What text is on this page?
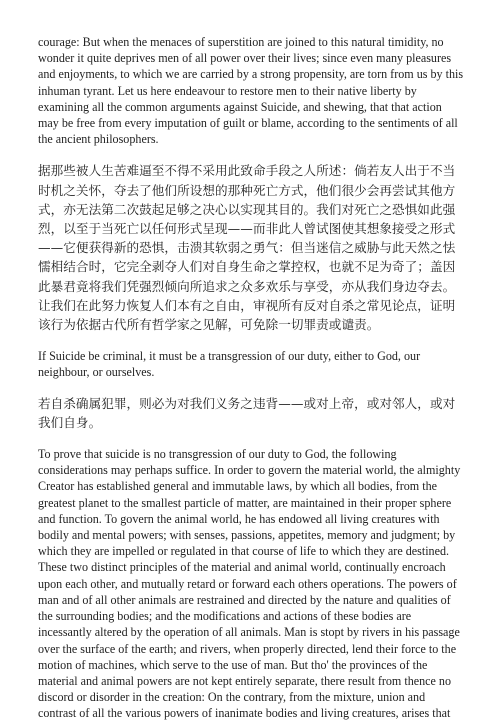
courage: But when the menaces of superstition are joined to this natural timidity, no wonder it quite deprives men of all power over their lives; since even many pleasures and enjoyments, to which we are carried by a strong propensity, are torn from us by this inhuman tyrant. Let us here endeavour to restore men to their native liberty by examining all the common arguments against Suicide, and shewing, that that action may be free from every imputation of guilt or blame, according to the sentiments of all the ancient philosophers.

据那些被人生苦难逼至不得不采用此致命手段之人所述：倘若友人出于不当时机之关怀，夺去了他们所设想的那种死亡方式，他们很少会再尝试其他方式，亦无法第二次鼓起足够之决心以实现其目的。我们对死亡之恐惧如此强烈，以至于当死亡以任何形式呈现——而非此人曾试图使其想象接受之形式——它便获得新的恐惧，击溃其软弱之勇气：但当迷信之威胁与此天然之怯懦相结合时，它完全剥夺人们对自身生命之掌控权，也就不足为奇了；盖因此暴君竟将我们凭强烈倾向所追求之众多欢乐与享受，亦从我们身边夺去。让我们在此努力恢复人们本有之自由，审视所有反对自杀之常见论点，证明该行为依据古代所有哲学家之见解，可免除一切罪责或谴责。

If Suicide be criminal, it must be a transgression of our duty, either to God, our neighbour, or ourselves.

若自杀确属犯罪，则必为对我们义务之违背——或对上帝，或对邻人，或对我们自身。

To prove that suicide is no transgression of our duty to God, the following considerations may perhaps suffice. In order to govern the material world, the almighty Creator has established general and immutable laws, by which all bodies, from the greatest planet to the smallest particle of matter, are maintained in their proper sphere and function. To govern the animal world, he has endowed all living creatures with bodily and mental powers; with senses, passions, appetites, memory and judgment; by which they are impelled or regulated in that course of life to which they are destined. These two distinct principles of the material and animal world, continually encroach upon each other, and mutually retard or forward each others operations. The powers of man and of all other animals are restrained and directed by the nature and qualities of the surrounding bodies; and the modifications and actions of these bodies are incessantly altered by the operation of all animals. Man is stopt by rivers in his passage over the surface of the earth; and rivers, when properly directed, lend their force to the motion of machines, which serve to the use of man. But tho' the provinces of the material and animal powers are not kept entirely separate, there result from thence no discord or disorder in the creation: On the contrary, from the mixture, union and contrast of all the various powers of inanimate bodies and living creatures, arises that
